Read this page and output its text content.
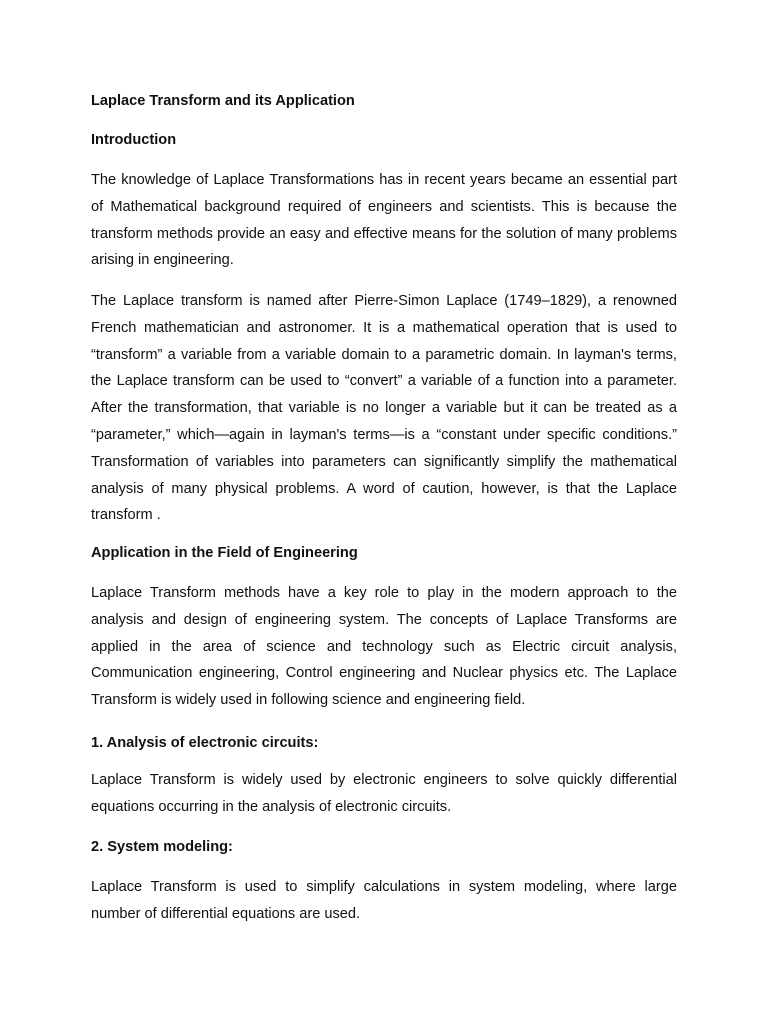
Laplace Transform and its Application

Introduction

The knowledge of Laplace Transformations has in recent years became an essential part of Mathematical background required of engineers and scientists. This is because the transform methods provide an easy and effective means for the solution of many problems arising in engineering.

The Laplace transform is named after Pierre-Simon Laplace (1749–1829), a renowned French mathematician and astronomer. It is a mathematical operation that is used to “transform” a variable from a variable domain to a parametric domain. In layman's terms, the Laplace transform can be used to “convert” a variable of a function into a parameter. After the transformation, that variable is no longer a variable but it can be treated as a “parameter,” which—again in layman's terms—is a “constant under specific conditions.” Transformation of variables into parameters can significantly simplify the mathematical analysis of many physical problems. A word of caution, however, is that the Laplace transform .

Application in the Field of Engineering

Laplace Transform methods have a key role to play in the modern approach to the analysis and design of engineering system. The concepts of Laplace Transforms are applied in the area of science and technology such as Electric circuit analysis, Communication engineering, Control engineering and Nuclear physics etc. The Laplace Transform is widely used in following science and engineering field.

1. Analysis of electronic circuits:

Laplace Transform is widely used by electronic engineers to solve quickly differential equations occurring in the analysis of electronic circuits.

2. System modeling:

Laplace Transform is used to simplify calculations in system modeling, where large number of differential equations are used.
